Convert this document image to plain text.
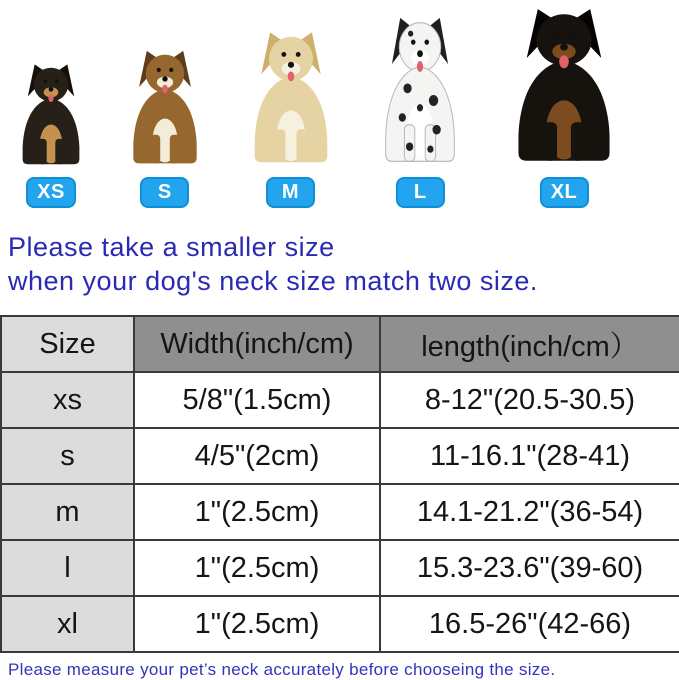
XS	S	M	L	XL
Please take a smaller size
when your dog's neck size match two size.
Size	Width(inch/cm)	length(inch/cm）
xs	5/8"(1.5cm)	8-12"(20.5-30.5)
s	4/5"(2cm)	11-16.1"(28-41)
m	1"(2.5cm)	14.1-21.2"(36-54)
l	1"(2.5cm)	15.3-23.6"(39-60)
xl	1"(2.5cm)	16.5-26"(42-66)
Please measure your pet’s neck accurately before chooseing the size.
